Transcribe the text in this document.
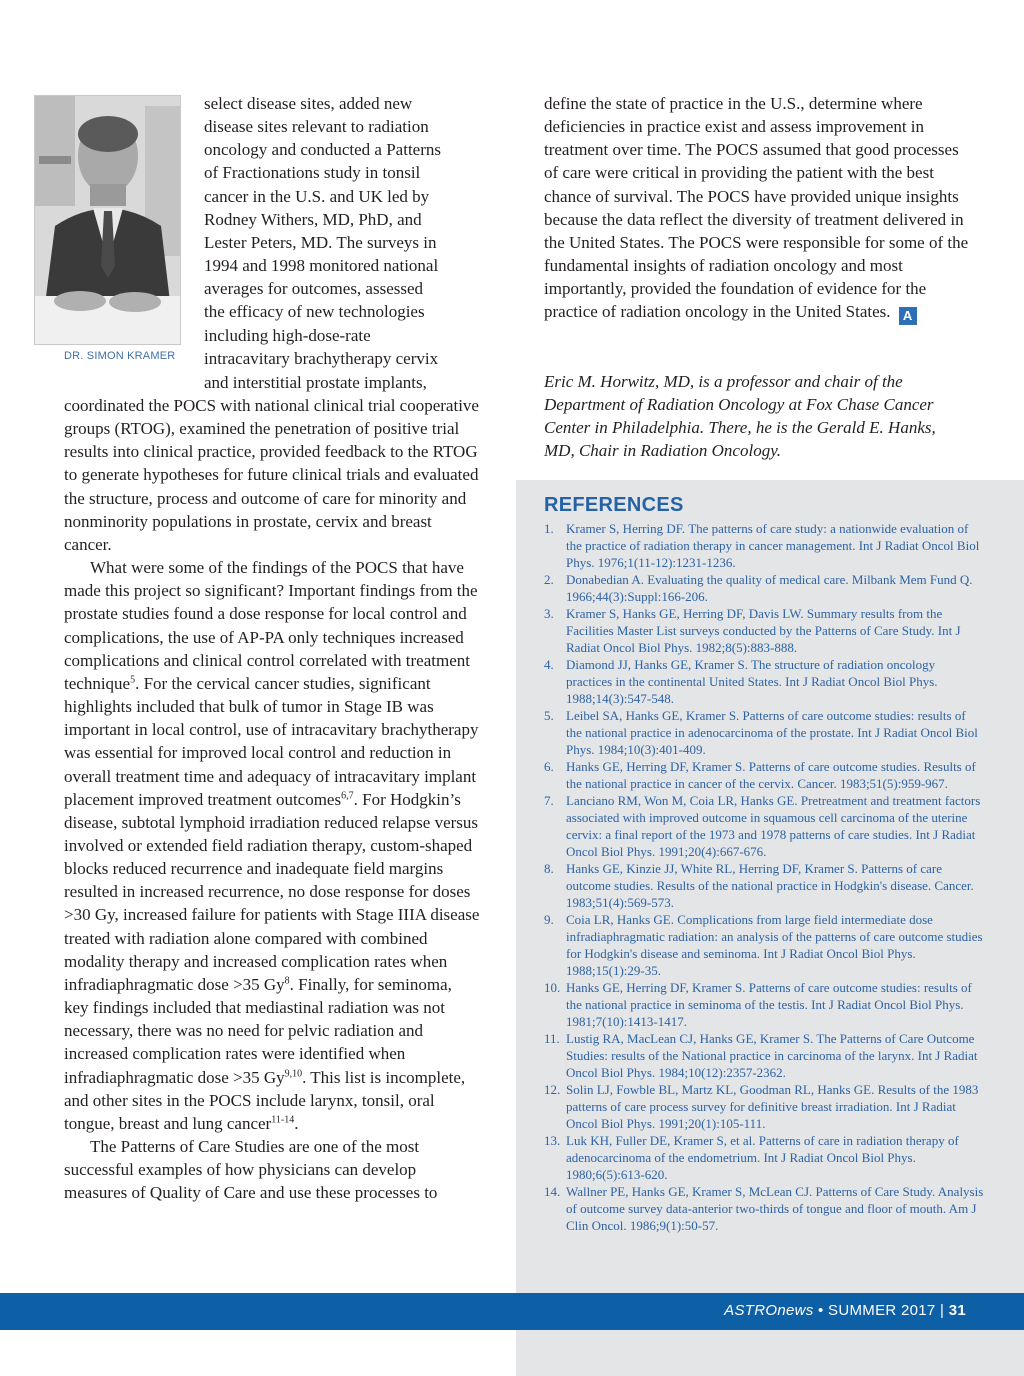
DR. SIMON KRAMER
select disease sites, added new
disease sites relevant to radiation
oncology and conducted a Patterns
of Fractionations study in tonsil
cancer in the U.S. and UK led by
Rodney Withers, MD, PhD, and
Lester Peters, MD. The surveys in
1994 and 1998 monitored national
averages for outcomes, assessed
the efficacy of new technologies
including high-dose-rate
intracavitary brachytherapy cervix
and interstitial prostate implants,

coordinated the POCS with national clinical trial cooperative groups (RTOG), examined the penetration of positive trial results into clinical practice, provided feedback to the RTOG to generate hypotheses for future clinical trials and evaluated the structure, process and outcome of care for minority and nonminority populations in prostate, cervix and breast cancer.

What were some of the findings of the POCS that have made this project so significant? Important findings from the prostate studies found a dose response for local control and complications, the use of AP-PA only techniques increased complications and clinical control correlated with treatment technique$^5$. For the cervical cancer studies, significant highlights included that bulk of tumor in Stage IB was important in local control, use of intracavitary brachytherapy was essential for improved local control and reduction in overall treatment time and adequacy of intracavitary implant placement improved treatment outcomes$^{6,7}$. For Hodgkin’s disease, subtotal lymphoid irradiation reduced relapse versus involved or extended field radiation therapy, custom-shaped blocks reduced recurrence and inadequate field margins resulted in increased recurrence, no dose response for doses >30 Gy, increased failure for patients with Stage IIIA disease treated with radiation alone compared with combined modality therapy and increased complication rates when infradiaphragmatic dose >35 Gy$^8$. Finally, for seminoma, key findings included that mediastinal radiation was not necessary, there was no need for pelvic radiation and increased complication rates were identified when infradiaphragmatic dose >35 Gy$^{9,10}$. This list is incomplete, and other sites in the POCS include larynx, tonsil, oral tongue, breast and lung cancer$^{11-14}$.

The Patterns of Care Studies are one of the most successful examples of how physicians can develop measures of Quality of Care and use these processes to

define the state of practice in the U.S., determine where deficiencies in practice exist and assess improvement in treatment over time. The POCS assumed that good processes of care were critical in providing the patient with the best chance of survival. The POCS have provided unique insights because the data reflect the diversity of treatment delivered in the United States. The POCS were responsible for some of the fundamental insights of radiation oncology and most importantly, provided the foundation of evidence for the practice of radiation oncology in the United States. A

Eric M. Horwitz, MD, is a professor and chair of the Department of Radiation Oncology at Fox Chase Cancer Center in Philadelphia. There, he is the Gerald E. Hanks, MD, Chair in Radiation Oncology.

REFERENCES
1. Kramer S, Herring DF. The patterns of care study: a nationwide evaluation of the practice of radiation therapy in cancer management. Int J Radiat Oncol Biol Phys. 1976;1(11-12):1231-1236.
2. Donabedian A. Evaluating the quality of medical care. Milbank Mem Fund Q. 1966;44(3):Suppl:166-206.
3. Kramer S, Hanks GE, Herring DF, Davis LW. Summary results from the Facilities Master List surveys conducted by the Patterns of Care Study. Int J Radiat Oncol Biol Phys. 1982;8(5):883-888.
4. Diamond JJ, Hanks GE, Kramer S. The structure of radiation oncology practices in the continental United States. Int J Radiat Oncol Biol Phys. 1988;14(3):547-548.
5. Leibel SA, Hanks GE, Kramer S. Patterns of care outcome studies: results of the national practice in adenocarcinoma of the prostate. Int J Radiat Oncol Biol Phys. 1984;10(3):401-409.
6. Hanks GE, Herring DF, Kramer S. Patterns of care outcome studies. Results of the national practice in cancer of the cervix. Cancer. 1983;51(5):959-967.
7. Lanciano RM, Won M, Coia LR, Hanks GE. Pretreatment and treatment factors associated with improved outcome in squamous cell carcinoma of the uterine cervix: a final report of the 1973 and 1978 patterns of care studies. Int J Radiat Oncol Biol Phys. 1991;20(4):667-676.
8. Hanks GE, Kinzie JJ, White RL, Herring DF, Kramer S. Patterns of care outcome studies. Results of the national practice in Hodgkin's disease. Cancer. 1983;51(4):569-573.
9. Coia LR, Hanks GE. Complications from large field intermediate dose infradiaphragmatic radiation: an analysis of the patterns of care outcome studies for Hodgkin's disease and seminoma. Int J Radiat Oncol Biol Phys. 1988;15(1):29-35.
10. Hanks GE, Herring DF, Kramer S. Patterns of care outcome studies: results of the national practice in seminoma of the testis. Int J Radiat Oncol Biol Phys. 1981;7(10):1413-1417.
11. Lustig RA, MacLean CJ, Hanks GE, Kramer S. The Patterns of Care Outcome Studies: results of the National practice in carcinoma of the larynx. Int J Radiat Oncol Biol Phys. 1984;10(12):2357-2362.
12. Solin LJ, Fowble BL, Martz KL, Goodman RL, Hanks GE. Results of the 1983 patterns of care process survey for definitive breast irradiation. Int J Radiat Oncol Biol Phys. 1991;20(1):105-111.
13. Luk KH, Fuller DE, Kramer S, et al. Patterns of care in radiation therapy of adenocarcinoma of the endometrium. Int J Radiat Oncol Biol Phys. 1980;6(5):613-620.
14. Wallner PE, Hanks GE, Kramer S, McLean CJ. Patterns of Care Study. Analysis of outcome survey data-anterior two-thirds of tongue and floor of mouth. Am J Clin Oncol. 1986;9(1):50-57.
ASTROnews • SUMMER 2017 | 31
